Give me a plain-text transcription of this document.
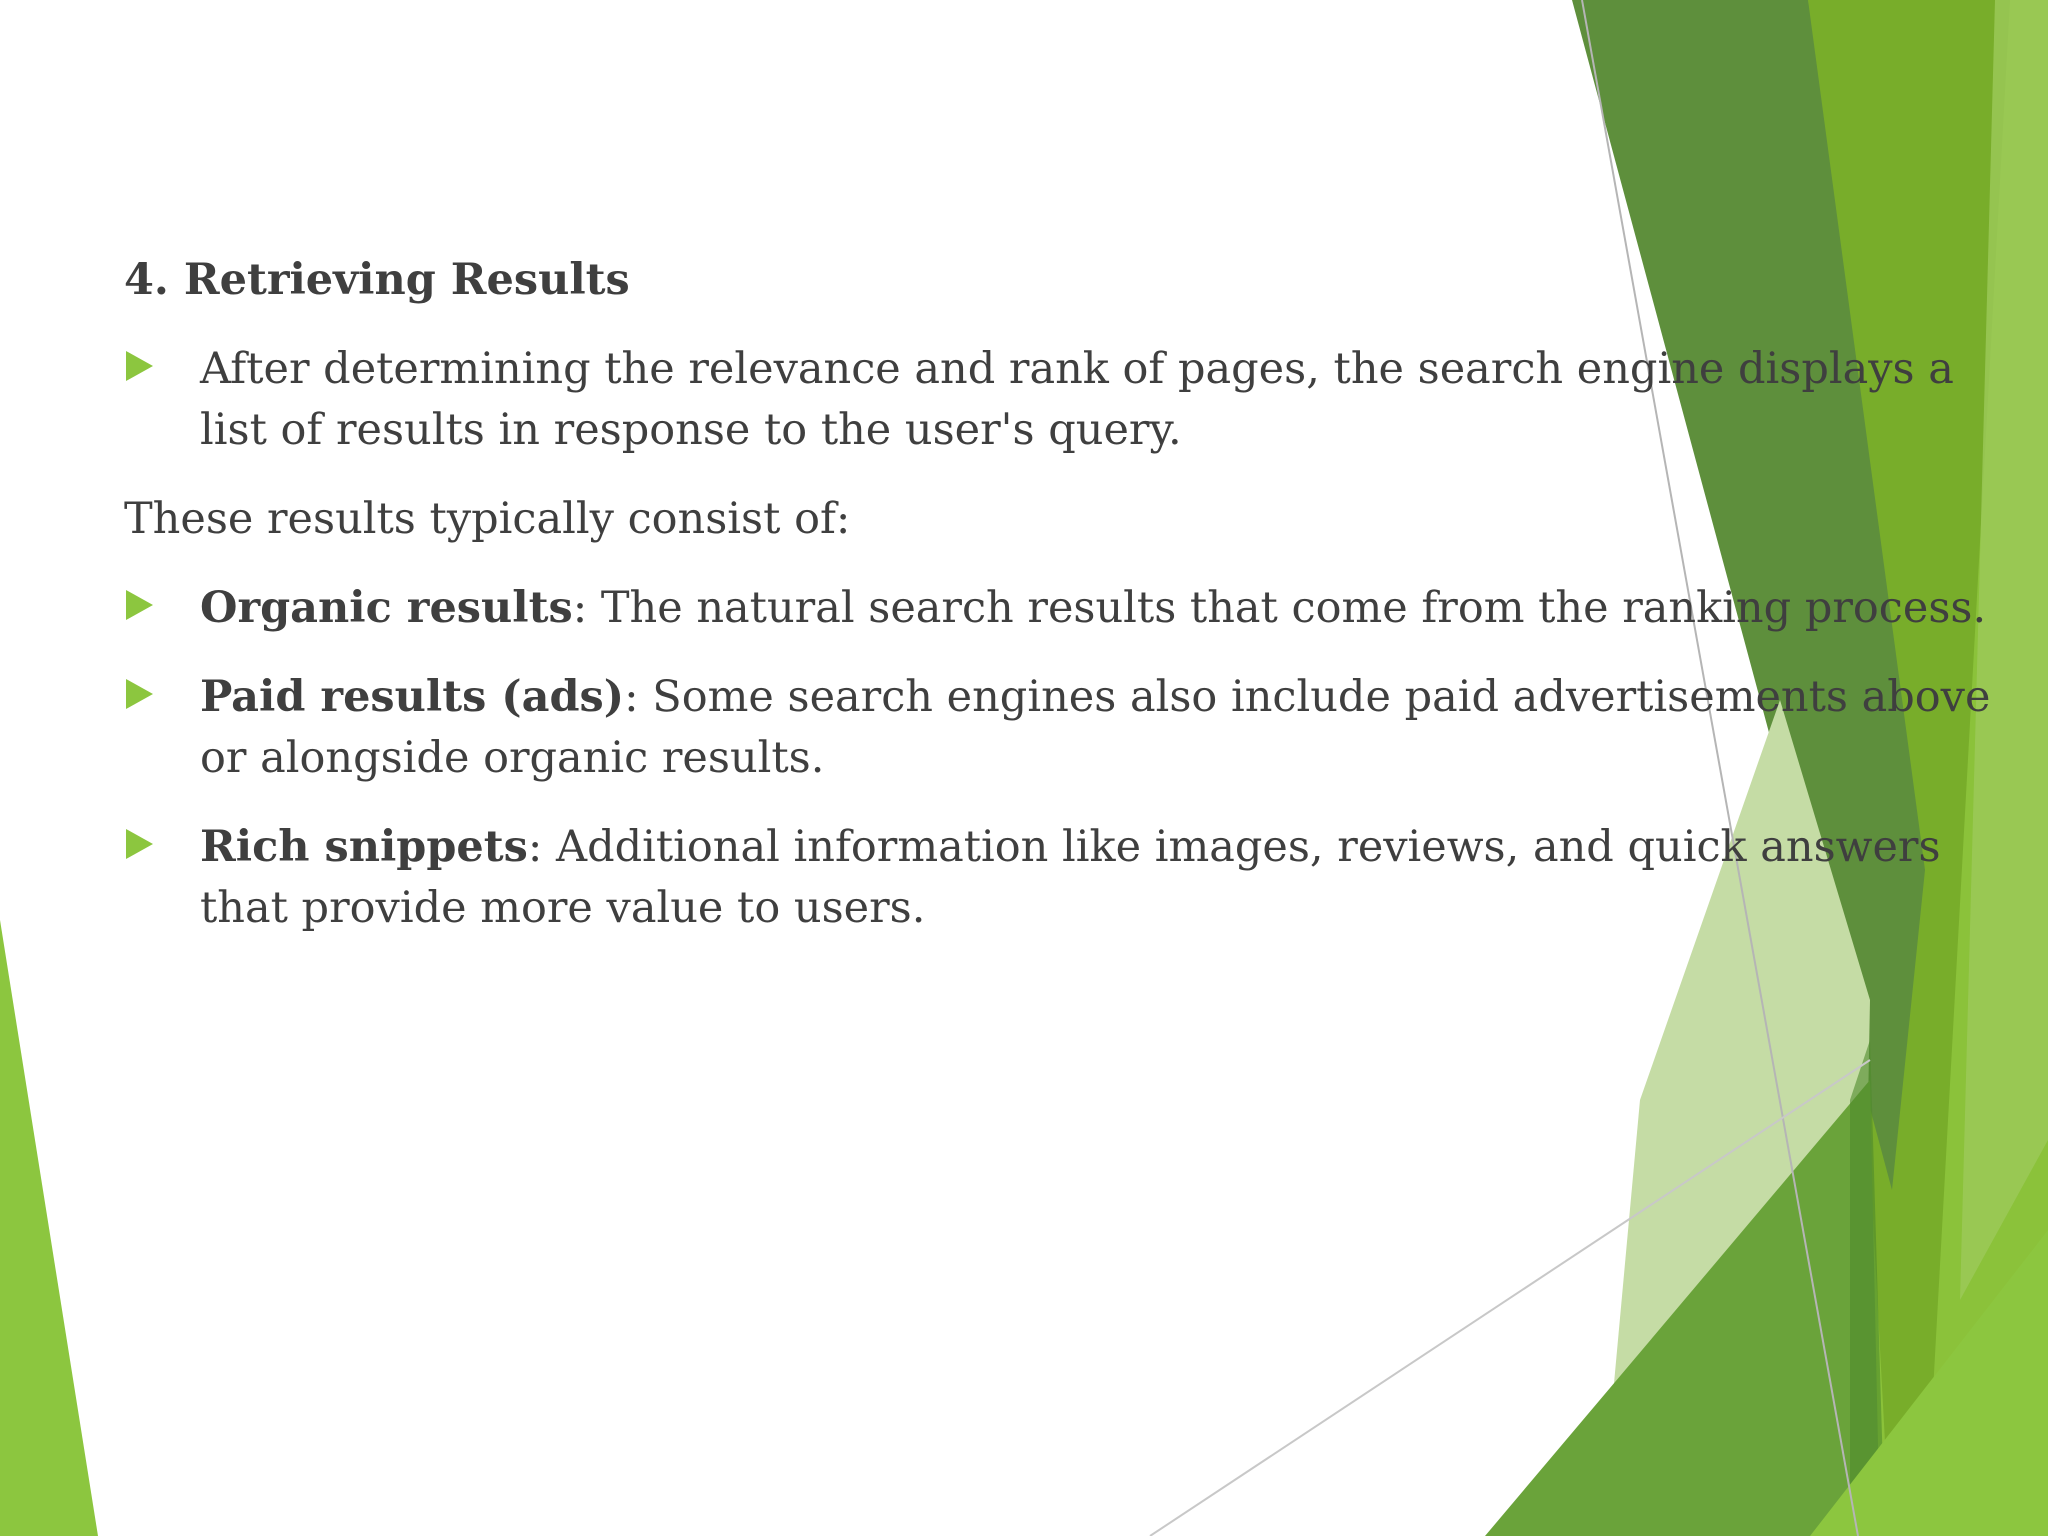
4. Retrieving Results
After determining the relevance and rank of pages, the search engine displays a list of results in response to the user's query.
These results typically consist of:
Organic results: The natural search results that come from the ranking process.
Paid results (ads): Some search engines also include paid advertisements above or alongside organic results.
Rich snippets: Additional information like images, reviews, and quick answers that provide more value to users.
